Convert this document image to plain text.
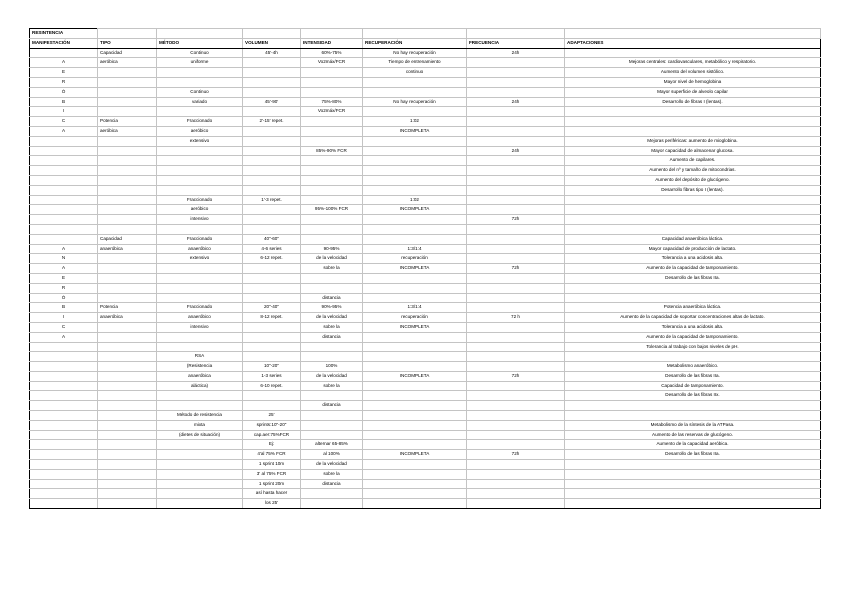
RESINTENCIA							
MANIFESTACIÓN	TIPO	MÉTODO	VOLUMEN	INTENSIDAD	RECUPERACIÓN	FRECUENCIA	ADAPTACIONES
	Capacidad	Continuo	45'-4h	60%-75%	No hay recuperación	24h	
A	aeróbica	uniforme		Vo2máx/FCR	Tiempo de entrenamiento		Mejoras centrales: cardiovasculares, metabólico y respiratorio.
E					continuo		Aumento del volumen sistólico.
R							Mayor nivel de hemoglobina
Ó		Continuo					Mayor superficie de alveolo capilar
B		variado	45'-90'	75%-80%	No hay recuperación	24h	Desarrollo de fibras I (lentas).
I				Vo2máx/FCR			
C	Potencia	Fraccionado	2'-15' repet.		1:02		
A	aeróbica	aeróbico			INCOMPLETA		
		extensivo					Mejoras periféricas: aumento de mioglobina.
				85%-90% FCR		24h	Mayor capacidad de almacenar glucosa.
							Aumento de capilares.
							Aumento del nº y tamaño de mitocondrias.
							Aumento del depósito de glucógeno.
							Desarrollo fibras tipo I (lentas).
		Fraccionado	1'-3 repet.		1:02		
		aeróbico		95%-100% FCR	INCOMPLETA		
		intensivo				72h	

	Capacidad	Fraccionado	40"-60"				Capacidad anaeróbica láctica.
A	anaeróbica	anaeróbico	4-6 series	90-95%	1:3/1:4		Mayor capacidad de producción de lactato.
N		extensivo	6-12 repet.	de la velocidad	recuperación		Tolerancia a una acidosis alta.
A				sobre la	INCOMPLETA	72h	Aumento de la capacidad de tamponamiento.
E							Desarrollo de las fibras IIa.
R							
Ó				distancia			
B	Potencia	Fraccionado	20"-40"	90%-95%	1:3/1:4		Potencia anaeróbica láctica.
I	anaeróbica	anaeróbico	8-12 repet.	de la velocidad	recuperación	72 h	Aumento de la capacidad de soportar concentraciones altas de lactato.
C		intensivo		sobre la	INCOMPLETA		Tolerancia a una acidosis alta.
A				distancia			Aumento de la capacidad de tamponamiento.
							Tolerancia al trabajo con bajos niveles de pH.
		RSA					
		(Resistencia	10"-20"	100%			Metabolismo anaeróbico.
		anaeróbica	1-3 series	de la velocidad	INCOMPLETA	72h	Desarrollo de las fibras IIa.
		aláctica)	6-10 repet.	sobre la			Capacidad de tamponamiento.
							Desarrollo de las fibras IIx.
				distancia			
		Método de resistencia	25'				
		mixta	sprints:10"-20"				Metabolismo de la síntesis de la ATPasa.
		(dietes de situación)	cap.aer:75%FCR				Aumento de las reservas de glucógeno.
			Ej:	alternar 65-85%			Aumento de la capacidad aeróbica.
			4'al 75% FCR	al 100%	INCOMPLETA	72h	Desarrollo de las fibras IIa.
			1 sprint 10m	de la velocidad			
			3' al 75% FCR	sobre la			
			1 sprint 20m	distancia			
			así hasta hacer				
			los 25'				
